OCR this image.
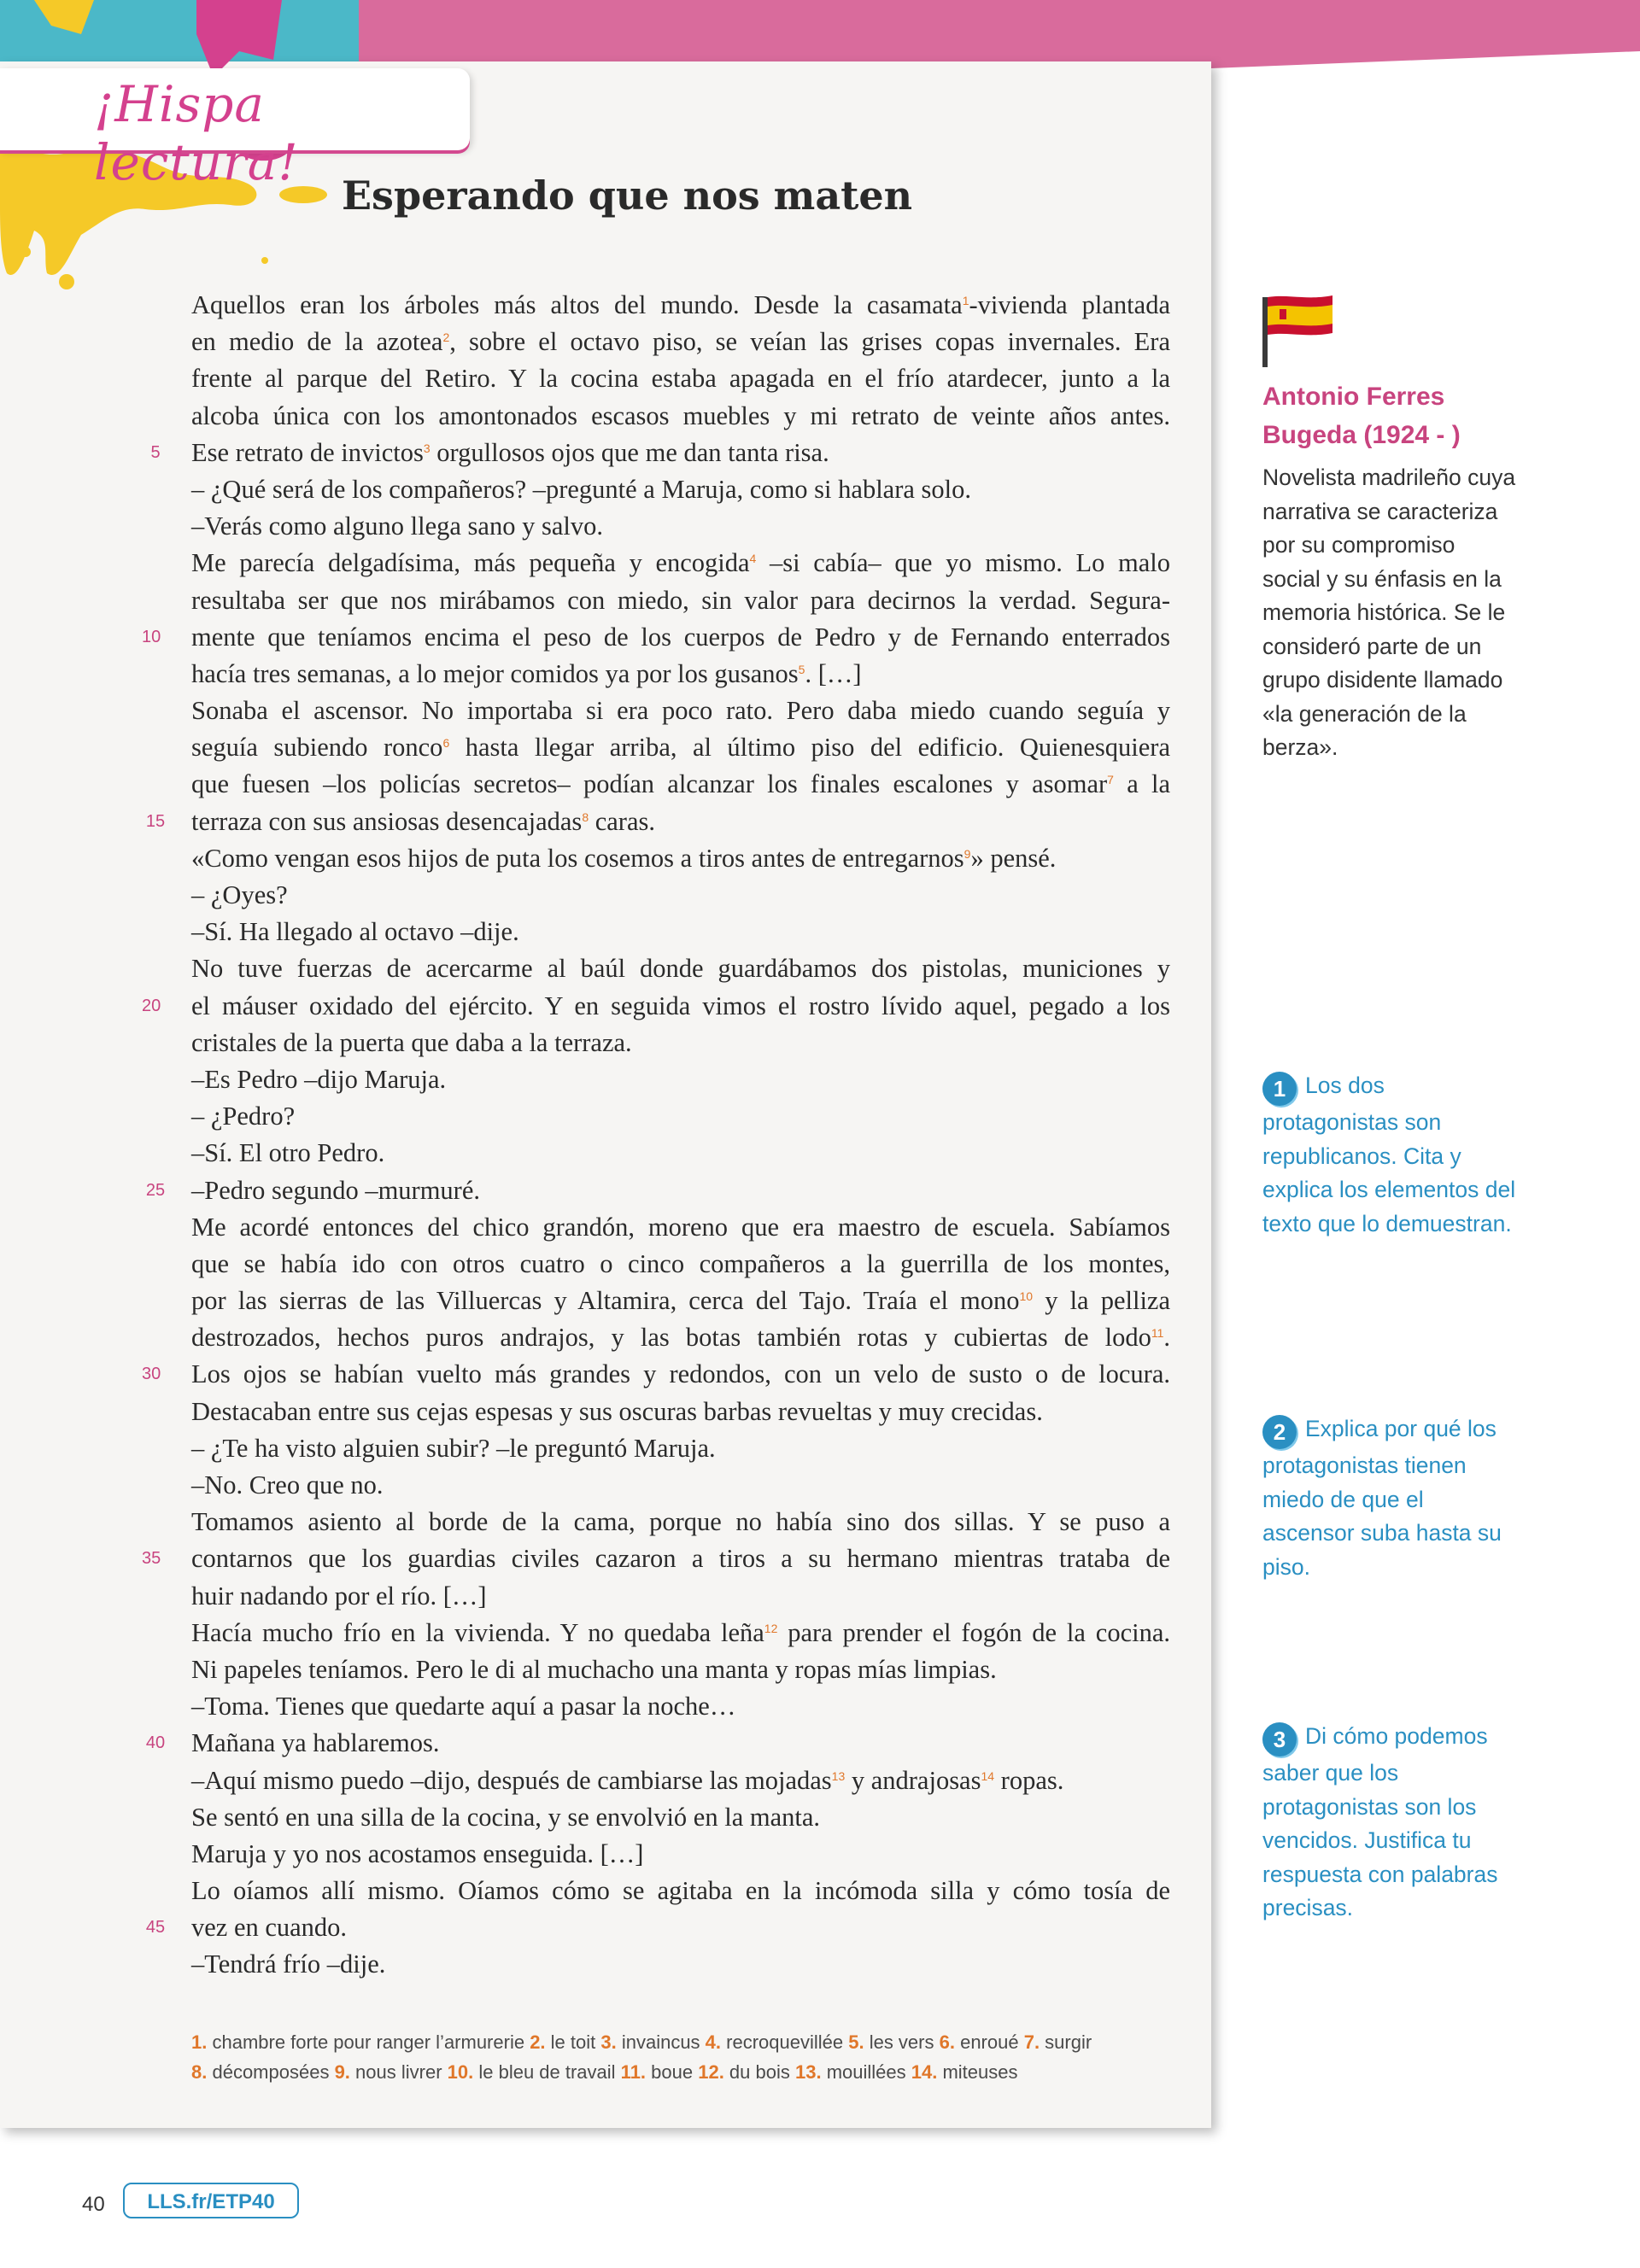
¡Hispa lectura!
Esperando que nos maten
Aquellos eran los árboles más altos del mundo. Desde la casamata$^1$-vivienda plantada
en medio de la azotea$^2$, sobre el octavo piso, se veían las grises copas invernales. Era
frente al parque del Retiro. Y la cocina estaba apagada en el frío atardecer, junto a la
alcoba única con los amontonados escasos muebles y mi retrato de veinte años antes.
5	Ese retrato de invictos$^3$ orgullosos ojos que me dan tanta risa.
– ¿Qué será de los compañeros? –pregunté a Maruja, como si hablara solo.
–Verás como alguno llega sano y salvo.
Me parecía delgadísima, más pequeña y encogida$^4$ –si cabía– que yo mismo. Lo malo
resultaba ser que nos mirábamos con miedo, sin valor para decirnos la verdad. Segura-
10	mente que teníamos encima el peso de los cuerpos de Pedro y de Fernando enterrados
hacía tres semanas, a lo mejor comidos ya por los gusanos$^5$. […]
Sonaba el ascensor. No importaba si era poco rato. Pero daba miedo cuando seguía y
seguía subiendo ronco$^6$ hasta llegar arriba, al último piso del edificio. Quienesquiera
que fuesen –los policías secretos– podían alcanzar los finales escalones y asomar$^7$ a la
15 terraza con sus ansiosas desencajadas$^8$ caras.
«Como vengan esos hijos de puta los cosemos a tiros antes de entregarnos$^9$» pensé.
– ¿Oyes?
–Sí. Ha llegado al octavo –dije.
No tuve fuerzas de acercarme al baúl donde guardábamos dos pistolas, municiones y
20	el máuser oxidado del ejército. Y en seguida vimos el rostro lívido aquel, pegado a los
cristales de la puerta que daba a la terraza.
–Es Pedro –dijo Maruja.
– ¿Pedro?
–Sí. El otro Pedro.
25 –Pedro segundo –murmuré.
Me acordé entonces del chico grandón, moreno que era maestro de escuela. Sabíamos
que se había ido con otros cuatro o cinco compañeros a la guerrilla de los montes,
por las sierras de las Villuercas y Altamira, cerca del Tajo. Traía el mono$^{10}$ y la pelliza
destrozados, hechos puros andrajos, y las botas también rotas y cubiertas de lodo$^{11}$.
30	Los ojos se habían vuelto más grandes y redondos, con un velo de susto o de locura.
Destacaban entre sus cejas espesas y sus oscuras barbas revueltas y muy crecidas.
– ¿Te ha visto alguien subir? –le preguntó Maruja.
–No. Creo que no.
Tomamos asiento al borde de la cama, porque no había sino dos sillas. Y se puso a
35	contarnos que los guardias civiles cazaron a tiros a su hermano mientras trataba de
huir nadando por el río. […]
Hacía mucho frío en la vivienda. Y no quedaba leña$^{12}$ para prender el fogón de la cocina.
Ni papeles teníamos. Pero le di al muchacho una manta y ropas mías limpias.
–Toma. Tienes que quedarte aquí a pasar la noche…
40 Mañana ya hablaremos.
–Aquí mismo puedo –dijo, después de cambiarse las mojadas$^{13}$ y andrajosas$^{14}$ ropas.
Se sentó en una silla de la cocina, y se envolvió en la manta.
Maruja y yo nos acostamos enseguida. […]
Lo oíamos allí mismo. Oíamos cómo se agitaba en la incómoda silla y cómo tosía de
45 vez en cuando.
–Tendrá frío –dije.
1. chambre forte pour ranger l’armurerie 2. le toit 3. invaincus 4. recroquevillée 5. les vers 6. enroué 7. surgir
8. décomposées 9. nous livrer 10. le bleu de travail 11. boue 12. du bois 13. mouillées 14. miteuses
Antonio Ferres Bugeda (1924 - )
Novelista madrileño cuya narrativa se caracteriza por su compromiso social y su énfasis en la memoria histórica. Se le consideró parte de un grupo disidente llamado «la generación de la berza».
1 Los dos protagonistas son republicanos. Cita y explica los elementos del texto que lo demuestran.
2 Explica por qué los protagonistas tienen miedo de que el ascensor suba hasta su piso.
3 Di cómo podemos saber que los protagonistas son los vencidos. Justifica tu respuesta con palabras precisas.
40	LLS.fr/ETP40
